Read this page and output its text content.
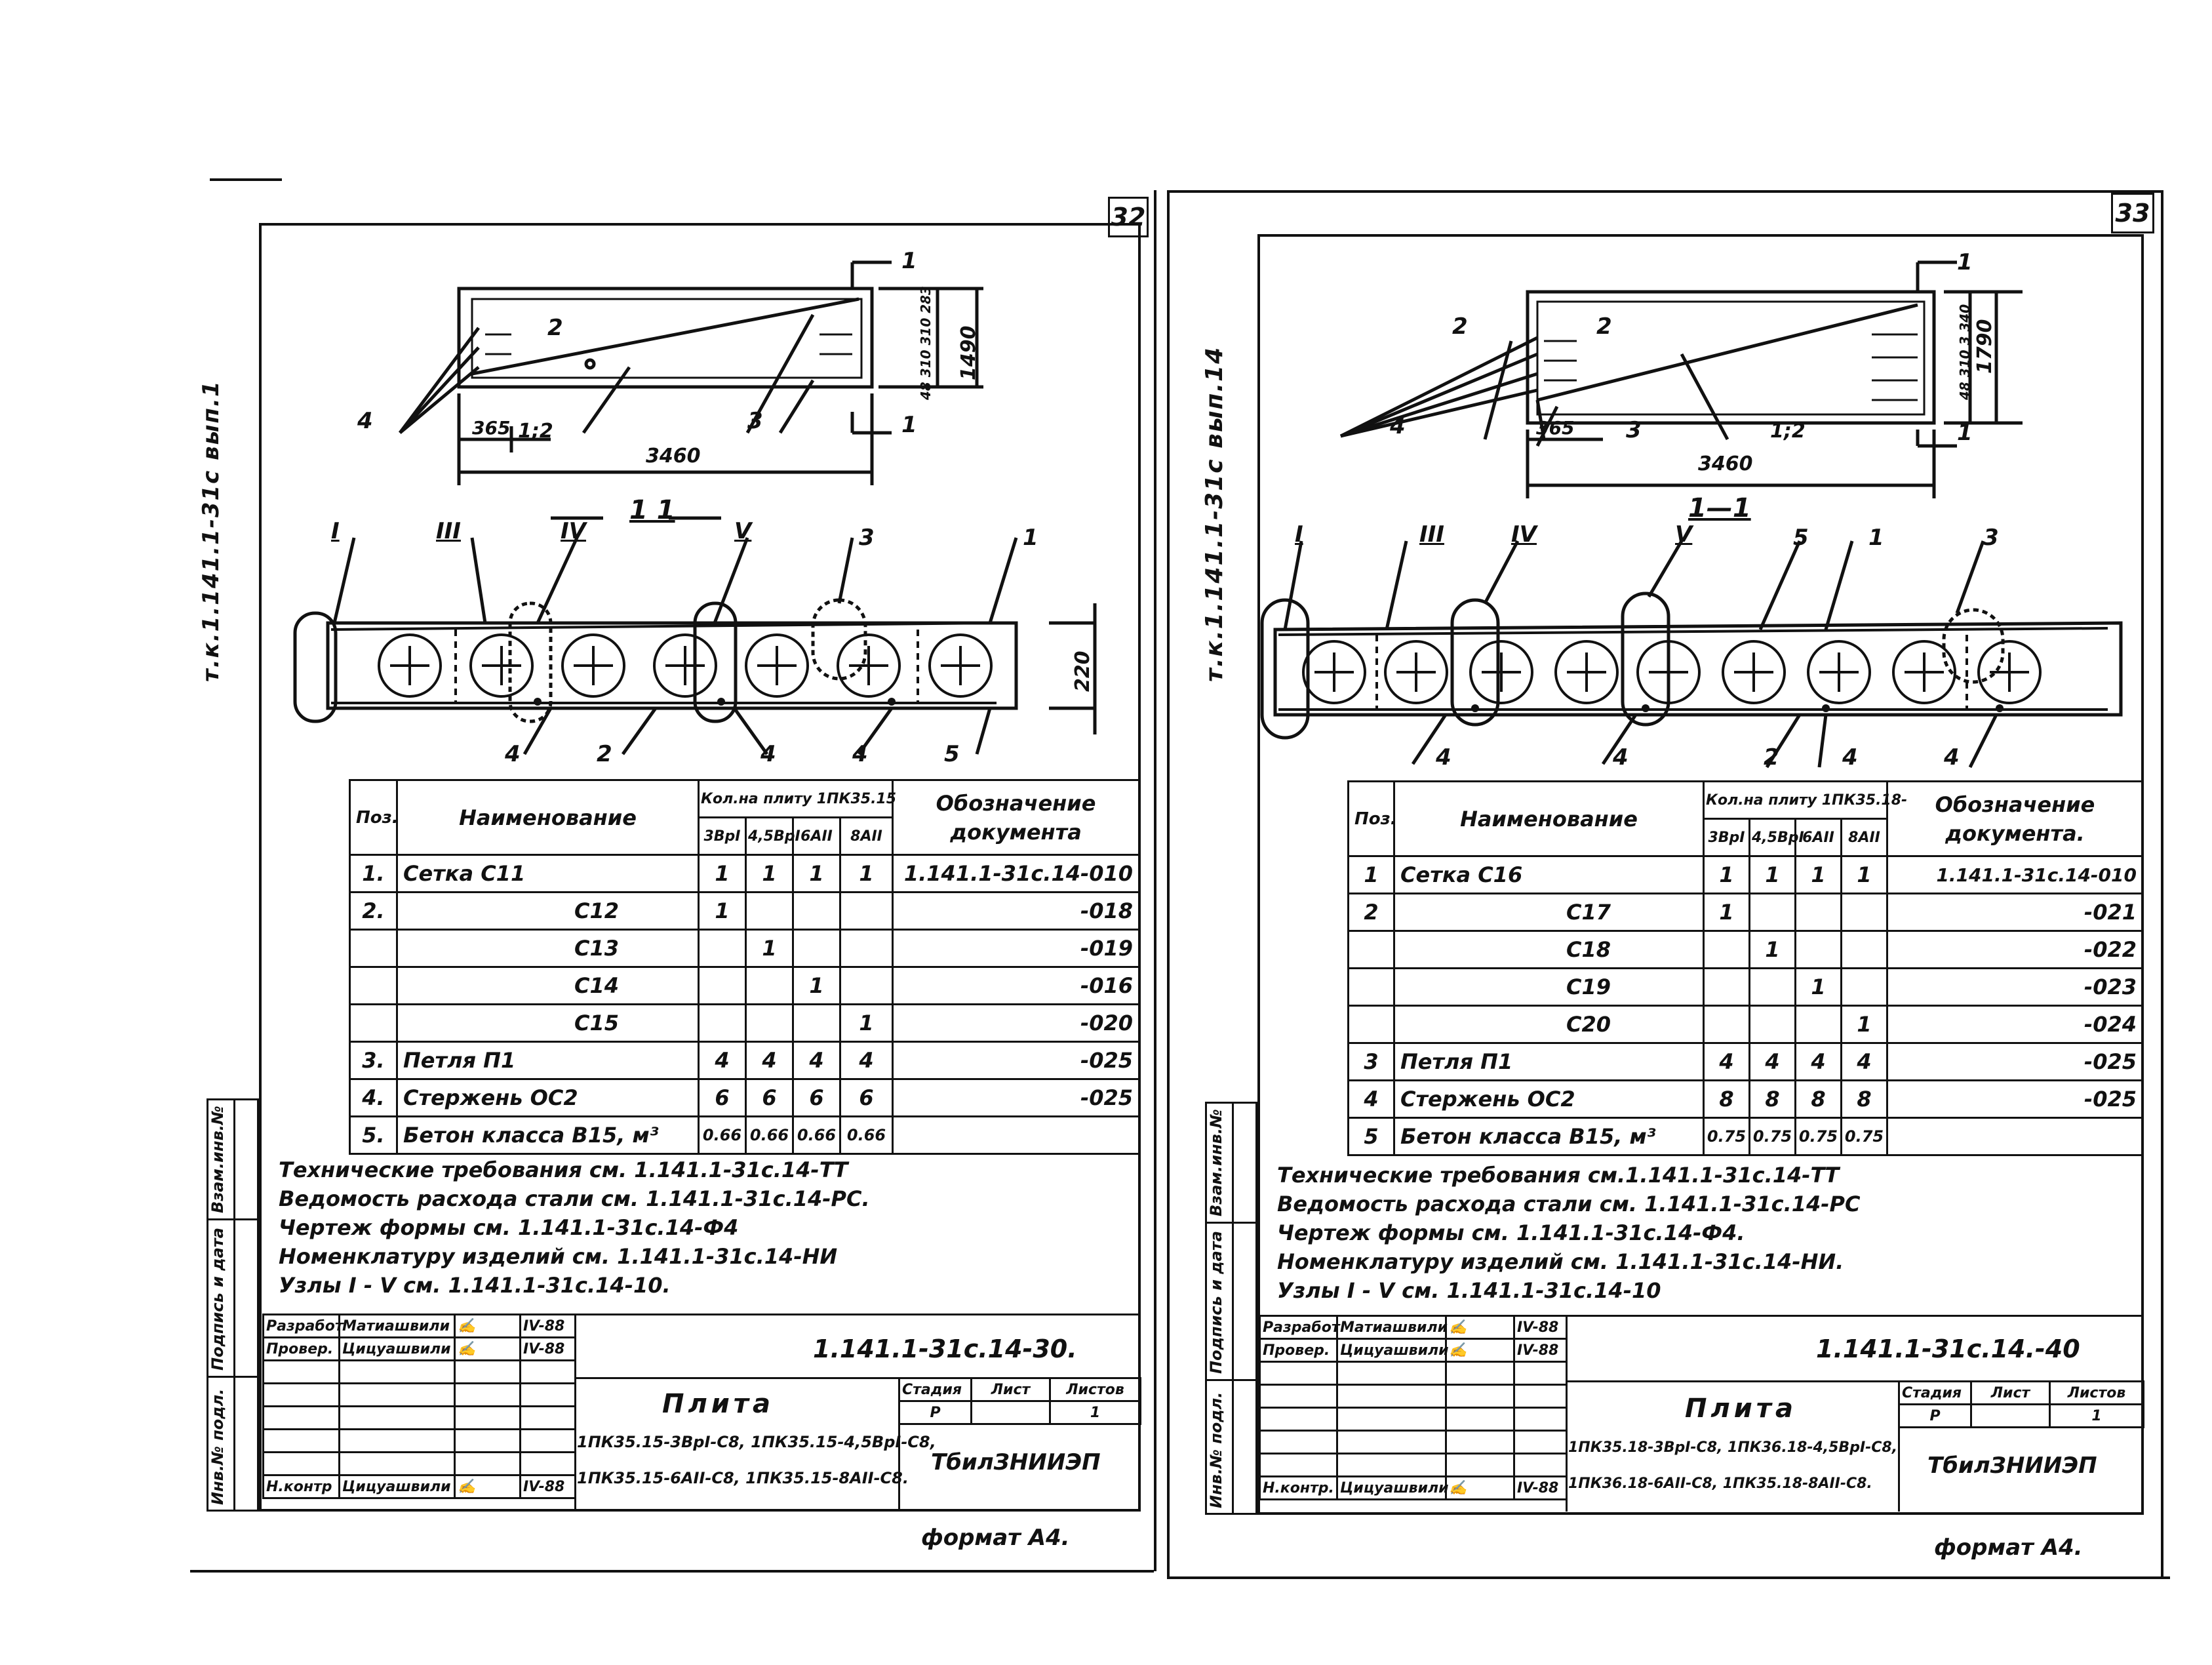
32
т.к.1.141.1-31с вып.1
1
1
2
4	3
1;2
365
3460
1490
48 310 310 283
1 1
220
I	III	IV	V	3	1
4	2	4	4	5
Поз.	Наименование	Кол.на плиту 1ПК35.15				Обозначение документа
		3ВрI	4,5ВрI	6АII	8АII	
1.	Сетка С11	1	1	1	1	1.141.1-31с.14-010
2.	С12	1				-018
	С13		1			-019
	С14			1		-016
	С15				1	-020
3.	Петля П1	4	4	4	4	-025
4.	Стержень ОС2	6	6	6	6	-025
5.	Бетон класса В15, м³	0.66	0.66	0.66	0.66	
Технические требования см. 1.141.1-31с.14-ТТ
Ведомость расхода стали см. 1.141.1-31с.14-РС.
Чертеж формы см. 1.141.1-31с.14-Ф4
Номенклатуру изделий см. 1.141.1-31с.14-НИ
Узлы I - V см. 1.141.1-31с.14-10.
Взам.инв.№
Подпись и дата
Инв.№ подл.
Разработ	Матиашвили	✍	IV-88
Провер.	Цицуашвили	✍	IV-88

Н.контр	Цицуашвили	✍	IV-88
1.141.1-31с.14-30.
Плита
1ПК35.15-3ВрI-С8, 1ПК35.15-4,5ВрI-С8,
1ПК35.15-6АII-С8, 1ПК35.15-8АII-С8.
Стадия	Лист	Листов
Р		1
ТбилЗНИИЭП
формат А4.
33
т.к.1.141.1-31с вып.14
1
1
2	2
4	3	1;2
365
3460
1790
48 310 3 340
1—1
I	III	IV	V	5	1	3
4	4	2	4	4
Поз.	Наименование	Кол.на плиту 1ПК35.18-				Обозначение документа.
		3ВрI	4,5ВрI	6АII	8АII	
1	Сетка С16	1	1	1	1	1.141.1-31с.14-010
2	С17	1				-021
	С18		1			-022
	С19			1		-023
	С20				1	-024
3	Петля П1	4	4	4	4	-025
4	Стержень ОС2	8	8	8	8	-025
5	Бетон класса В15, м³	0.75	0.75	0.75	0.75	
Технические требования см.1.141.1-31с.14-ТТ
Ведомость расхода стали см. 1.141.1-31с.14-РС
Чертеж формы см. 1.141.1-31с.14-Ф4.
Номенклатуру изделий см. 1.141.1-31с.14-НИ.
Узлы I - V см. 1.141.1-31с.14-10
Взам.инв.№
Подпись и дата
Инв.№ подл.
Разработ	Матиашвили	✍	IV-88
Провер.	Цицуашвили	✍	IV-88

Н.контр.	Цицуашвили	✍	IV-88
1.141.1-31с.14.-40
Плита
1ПК35.18-3ВрI-С8, 1ПК36.18-4,5ВрI-С8,
1ПК36.18-6АII-С8, 1ПК35.18-8АII-С8.
Стадия	Лист	Листов
Р		1
ТбилЗНИИЭП
формат А4.
